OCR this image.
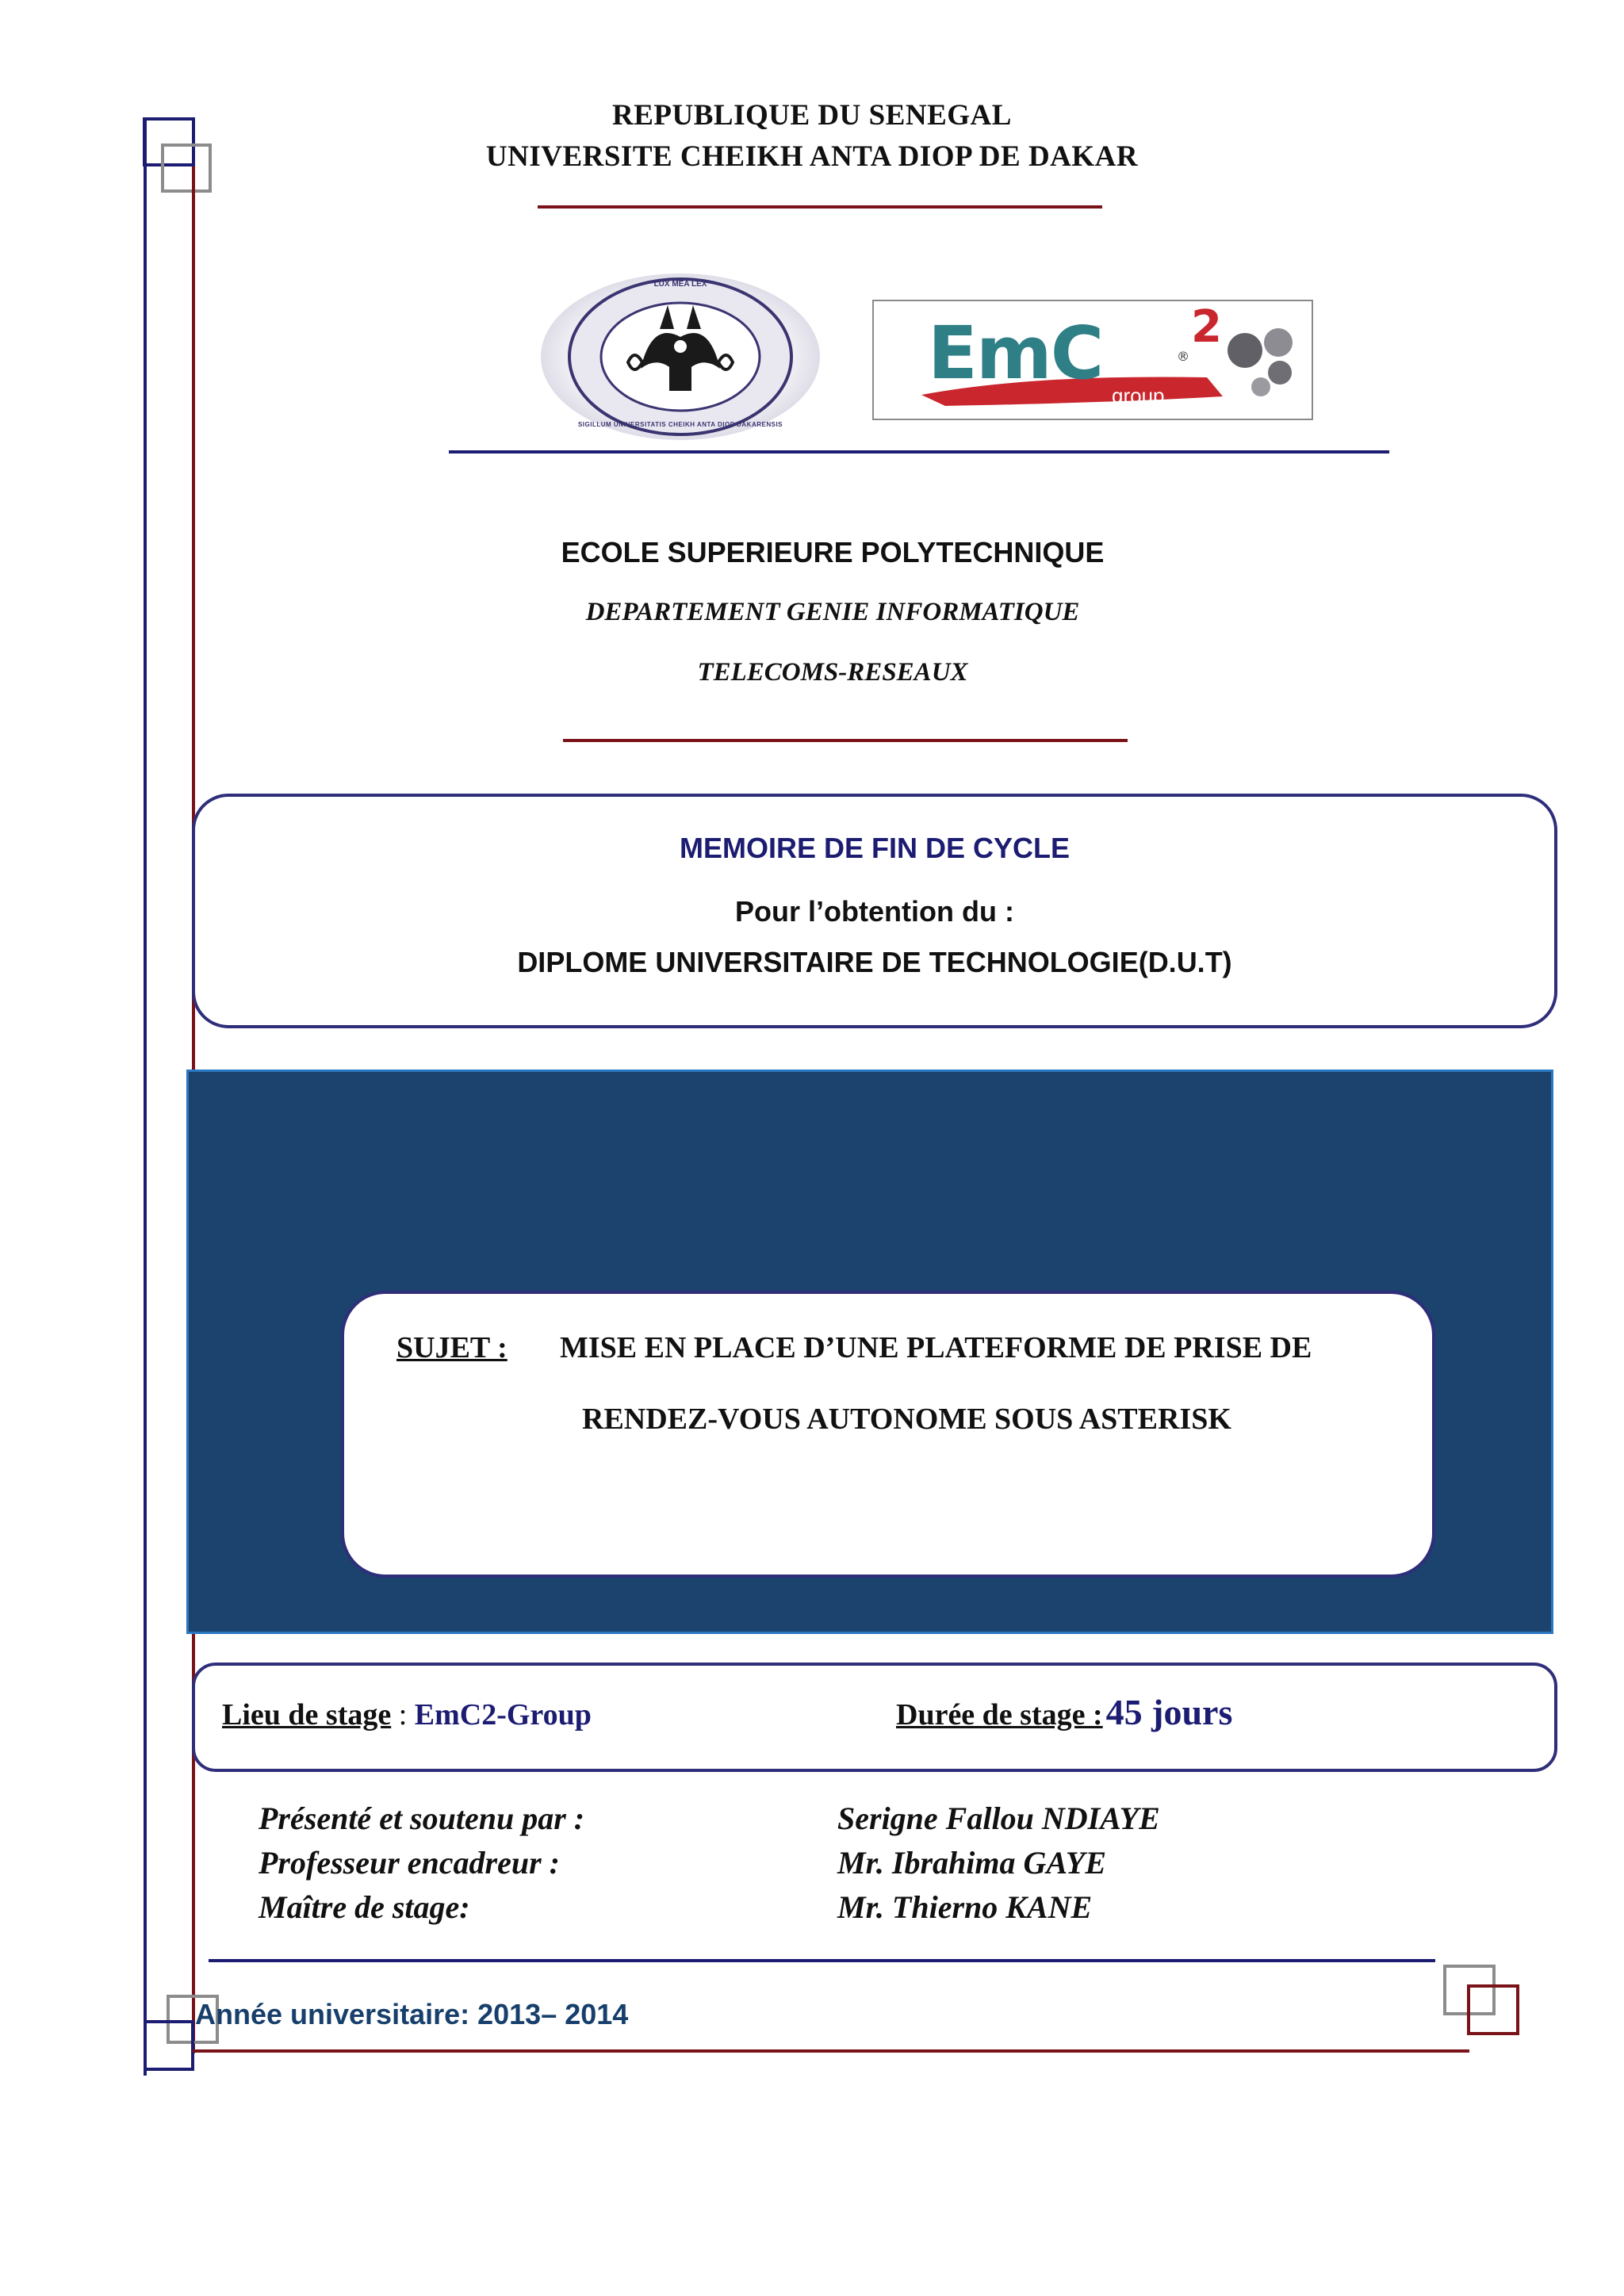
REPUBLIQUE DU SENEGAL
UNIVERSITE CHEIKH ANTA DIOP DE DAKAR
LUX MEA LEX
SIGILLUM UNIVERSITATIS CHEIKH ANTA DIOP DAKARENSIS
EmC 2
®
group
ECOLE SUPERIEURE POLYTECHNIQUE
DEPARTEMENT GENIE INFORMATIQUE
TELECOMS-RESEAUX
MEMOIRE DE FIN DE CYCLE
Pour l’obtention du :
DIPLOME UNIVERSITAIRE DE TECHNOLOGIE(D.U.T)
SUJET : MISE EN PLACE D’UNE PLATEFORME DE PRISE DE
RENDEZ-VOUS AUTONOME SOUS ASTERISK
Lieu de stage : EmC2-Group	Durée de stage : 45 jours
Présenté et soutenu par :	Serigne Fallou NDIAYE
Professeur encadreur :	Mr. Ibrahima GAYE
Maître de stage:	Mr. Thierno KANE
Année universitaire: 2013– 2014
